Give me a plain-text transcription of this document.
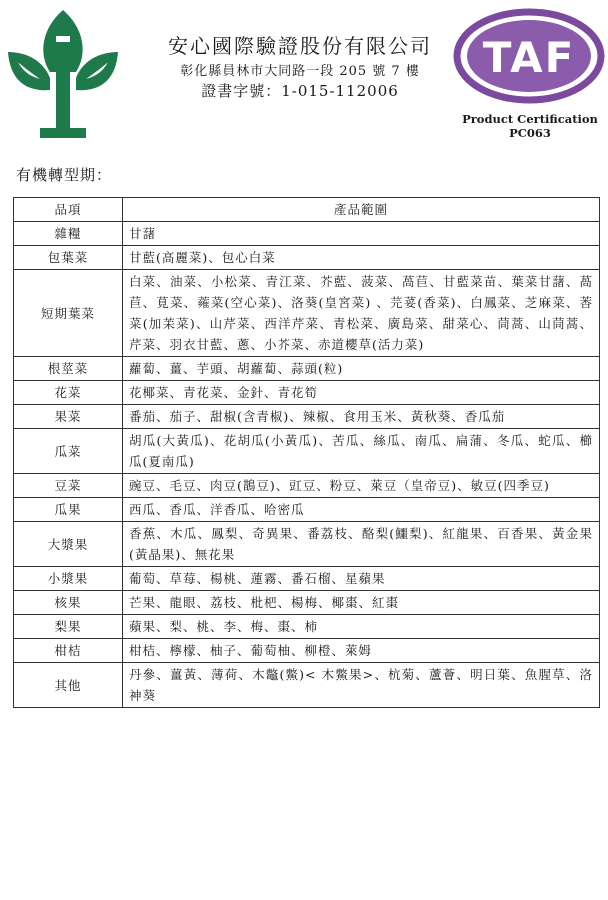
TAF
安心國際驗證股份有限公司
彰化縣員林市大同路一段 205 號 7 樓
證書字號：1-015-112006
Product Certification
PC063
有機轉型期：
品項	產品範圍
雜糧	甘藷
包葉菜	甘藍(高麗菜)、包心白菜
短期葉菜	白菜、油菜、小松菜、青江菜、芥藍、菠菜、萵苣、甘藍菜苗、葉菜甘藷、萵苣、莧菜、蕹菜(空心菜)、洛葵(皇宮菜) 、芫荽(香菜)、白鳳菜、芝麻菜、莕菜(加苿菜)、山芹菜、西洋芹菜、青松菜、廣島菜、甜菜心、茼蒿、山茼蒿、芹菜、羽衣甘藍、蔥、小芥菜、赤道櫻草(活力菜)
根莖菜	蘿蔔、薑、芋頭、胡蘿蔔、蒜頭(粒)
花菜	花椰菜、青花菜、金針、青花筍
果菜	番茄、茄子、甜椒(含青椒)、辣椒、食用玉米、黃秋葵、香瓜茄
瓜菜	胡瓜(大黃瓜)、花胡瓜(小黃瓜)、苦瓜、絲瓜、南瓜、扁蒲、冬瓜、蛇瓜、櫛瓜(夏南瓜)
豆菜	豌豆、毛豆、肉豆(鵲豆)、豇豆、粉豆、萊豆（皇帝豆)、敏豆(四季豆)
瓜果	西瓜、香瓜、洋香瓜、哈密瓜
大漿果	香蕉、木瓜、鳳梨、奇異果、番荔枝、酪梨(鱷梨)、紅龍果、百香果、黃金果(黃晶果)、無花果
小漿果	葡萄、草莓、楊桃、蓮霧、番石榴、星蘋果
核果	芒果、龍眼、荔枝、枇杷、楊梅、椰棗、紅棗
梨果	蘋果、梨、桃、李、梅、棗、柿
柑桔	柑桔、檸檬、柚子、葡萄柚、柳橙、萊姆
其他	丹參、薑黃、薄荷、木鼈(鱉)< 木鱉果>、杭菊、蘆薈、明日葉、魚腥草、洛神葵
